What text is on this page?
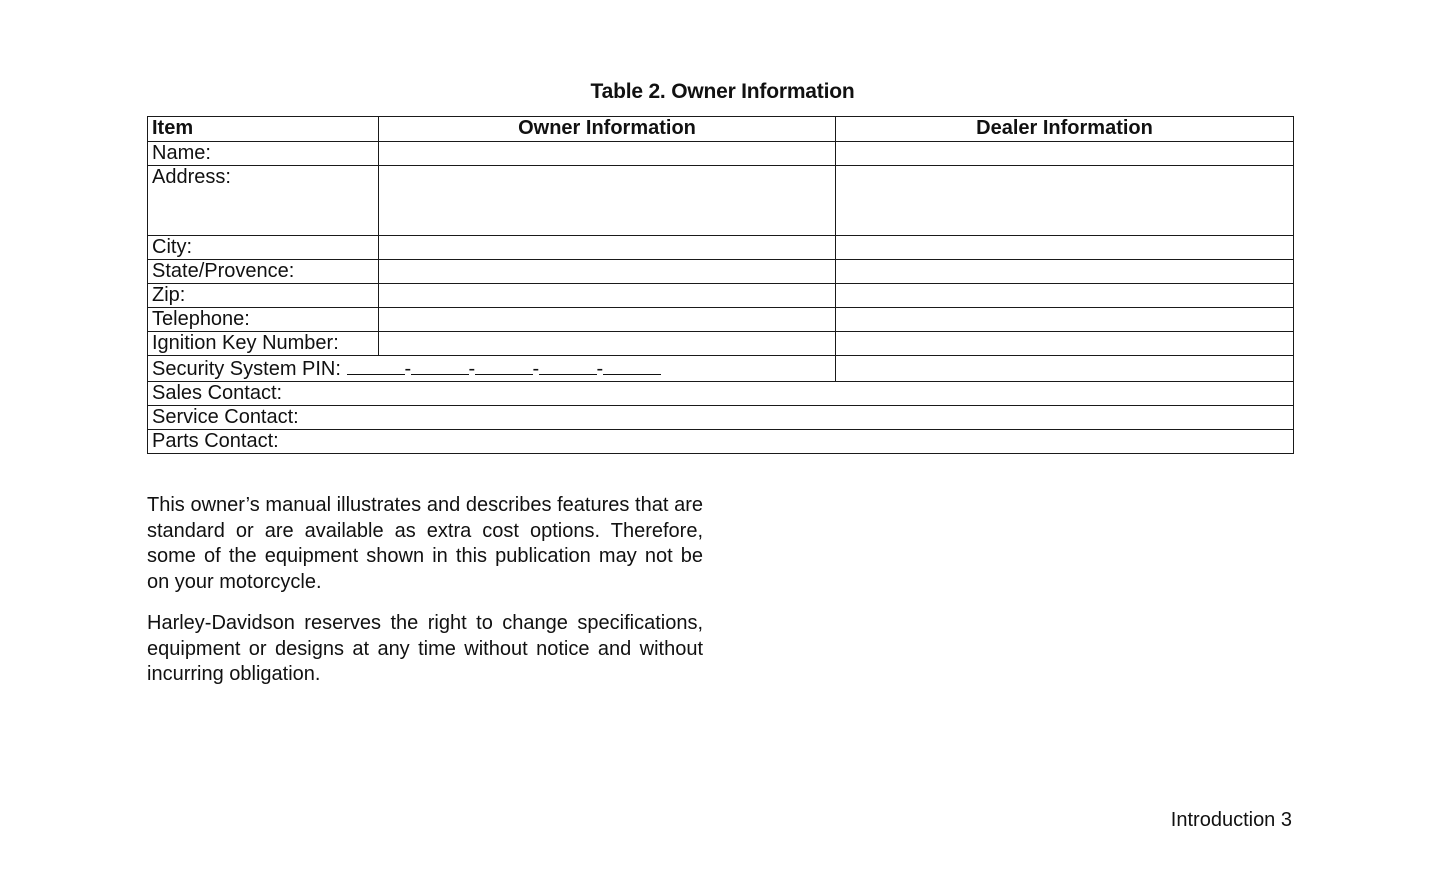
Table 2. Owner Information
Item	Owner Information	Dealer Information
Name:		
Address:		
City:		
State/Provence:		
Zip:		
Telephone:		
Ignition Key Number:		
Security System PIN: - - - -		
Sales Contact:		
Service Contact:		
Parts Contact:		

This owner’s manual illustrates and describes features that are standard or are available as extra cost options. Therefore, some of the equipment shown in this publication may not be on your motorcycle.

Harley-Davidson reserves the right to change specifications, equipment or designs at any time without notice and without incurring obligation.

Introduction 3
